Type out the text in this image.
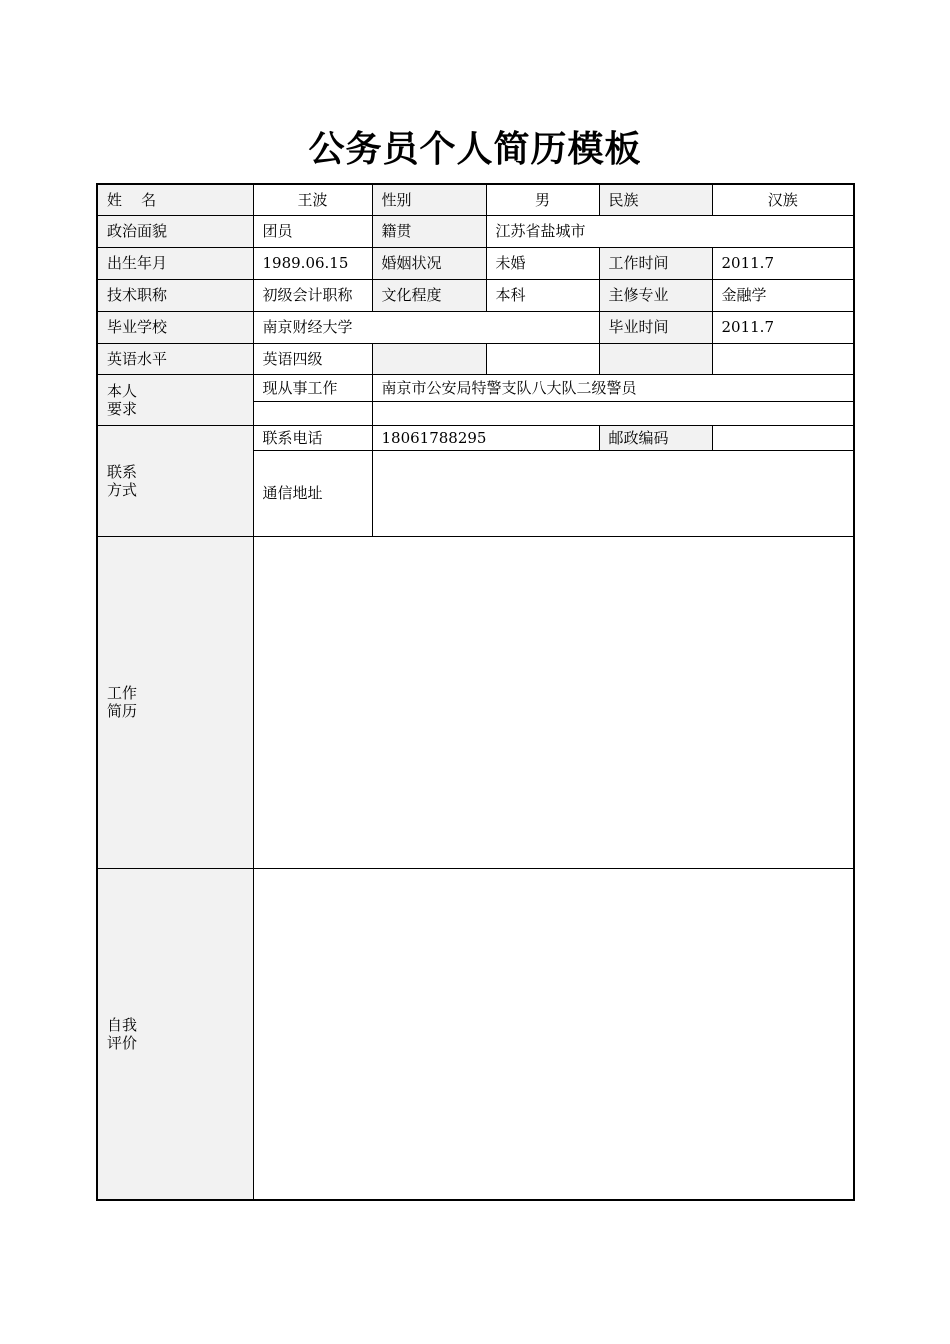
公务员个人简历模板
姓    名	王波	性别	男	民族	汉族
政治面貌	团员	籍贯	江苏省盐城市		
出生年月	1989.06.15	婚姻状况	未婚	工作时间	2011.7
技术职称	初级会计职称	文化程度	本科	主修专业	金融学
毕业学校	南京财经大学			毕业时间	2011.7
英语水平	英语四级				
本人
要求	现从事工作	南京市公安局特警支队八大队二级警员			

联系
方式	联系电话	18061788295		邮政编码	
	通信地址				
工作
简历					
自我
评价					
